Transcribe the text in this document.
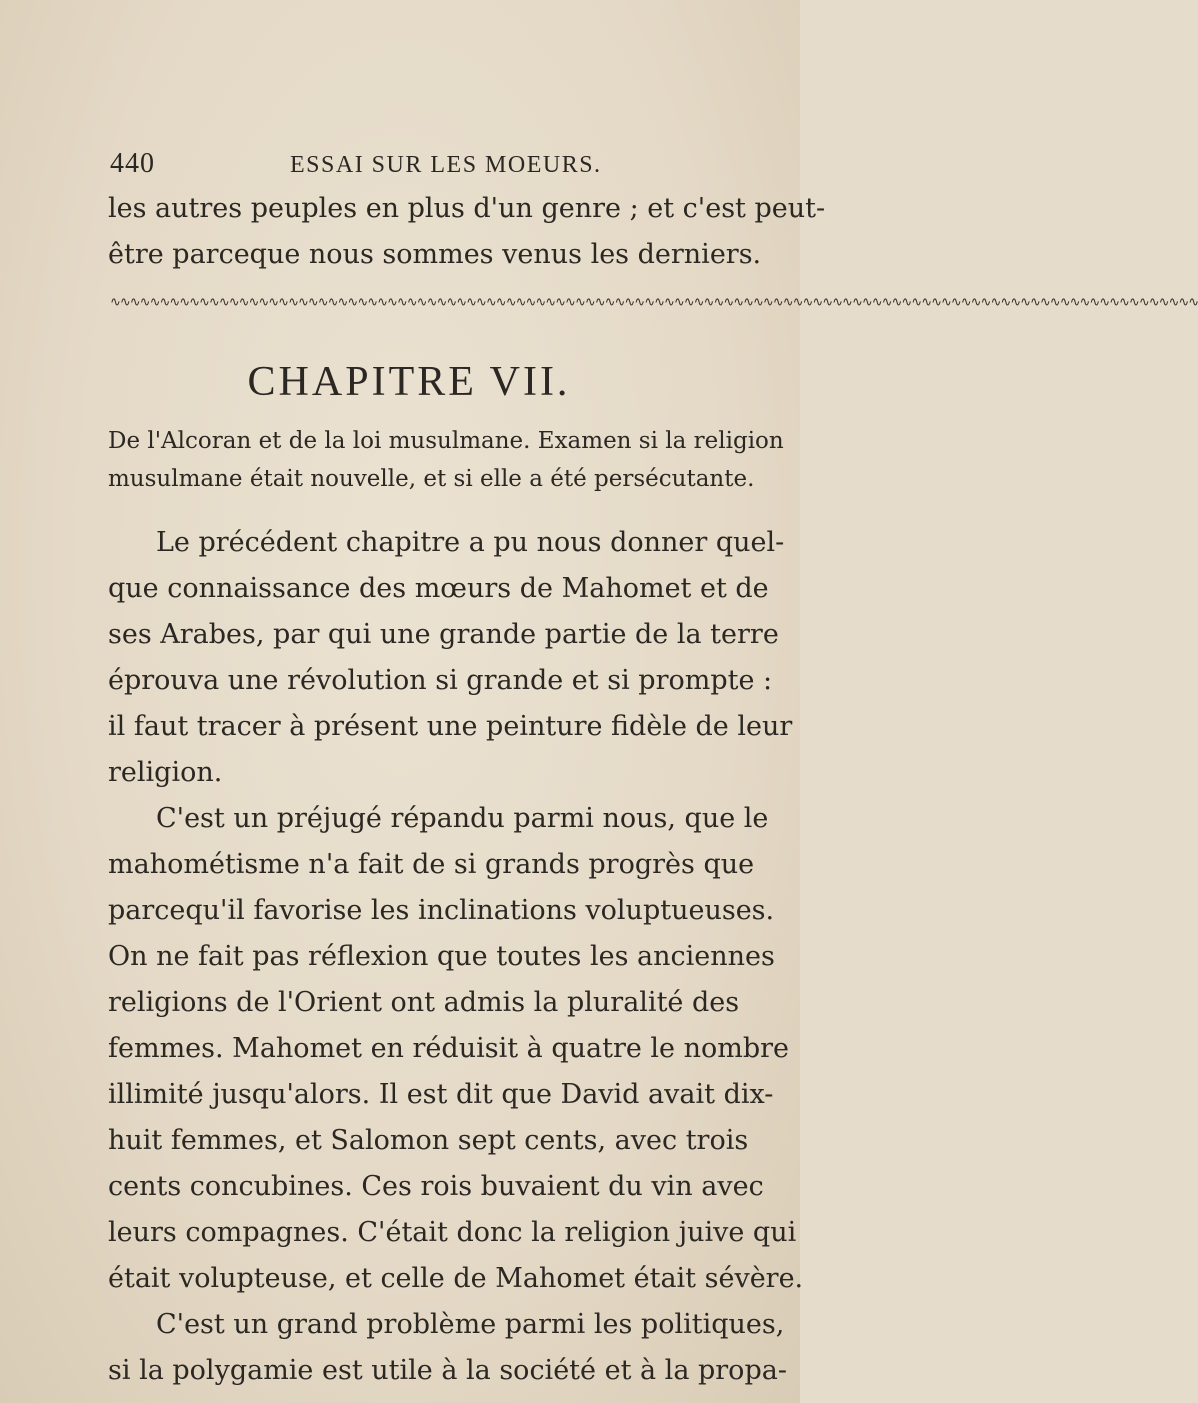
440	ESSAI SUR LES MOEURS.
les autres peuples en plus d'un genre ; et c'est peut-
être parceque nous sommes venus les derniers.
∿∿∿∿∿∿∿∿∿∿∿∿∿∿∿∿∿∿∿∿∿∿∿∿∿∿∿∿∿∿∿∿∿∿∿∿∿∿∿∿∿∿∿∿∿∿∿∿∿∿∿∿∿∿∿∿∿∿∿∿∿∿∿∿∿∿∿∿∿∿∿∿∿∿∿∿∿∿∿∿∿∿∿∿∿∿∿∿∿∿∿∿∿∿∿∿∿∿∿∿∿∿∿∿∿∿∿∿∿∿
CHAPITRE VII.
De l'Alcoran et de la loi musulmane. Examen si la religion
musulmane était nouvelle, et si elle a été persécutante.
Le précédent chapitre a pu nous donner quel-
que connaissance des mœurs de Mahomet et de
ses Arabes, par qui une grande partie de la terre
éprouva une révolution si grande et si prompte :
il faut tracer à présent une peinture fidèle de leur
religion.
C'est un préjugé répandu parmi nous, que le
mahométisme n'a fait de si grands progrès que
parcequ'il favorise les inclinations voluptueuses.
On ne fait pas réflexion que toutes les anciennes
religions de l'Orient ont admis la pluralité des
femmes. Mahomet en réduisit à quatre le nombre
illimité jusqu'alors. Il est dit que David avait dix-
huit femmes, et Salomon sept cents, avec trois
cents concubines. Ces rois buvaient du vin avec
leurs compagnes. C'était donc la religion juive qui
était volupteuse, et celle de Mahomet était sévère.
C'est un grand problème parmi les politiques,
si la polygamie est utile à la société et à la propa-
